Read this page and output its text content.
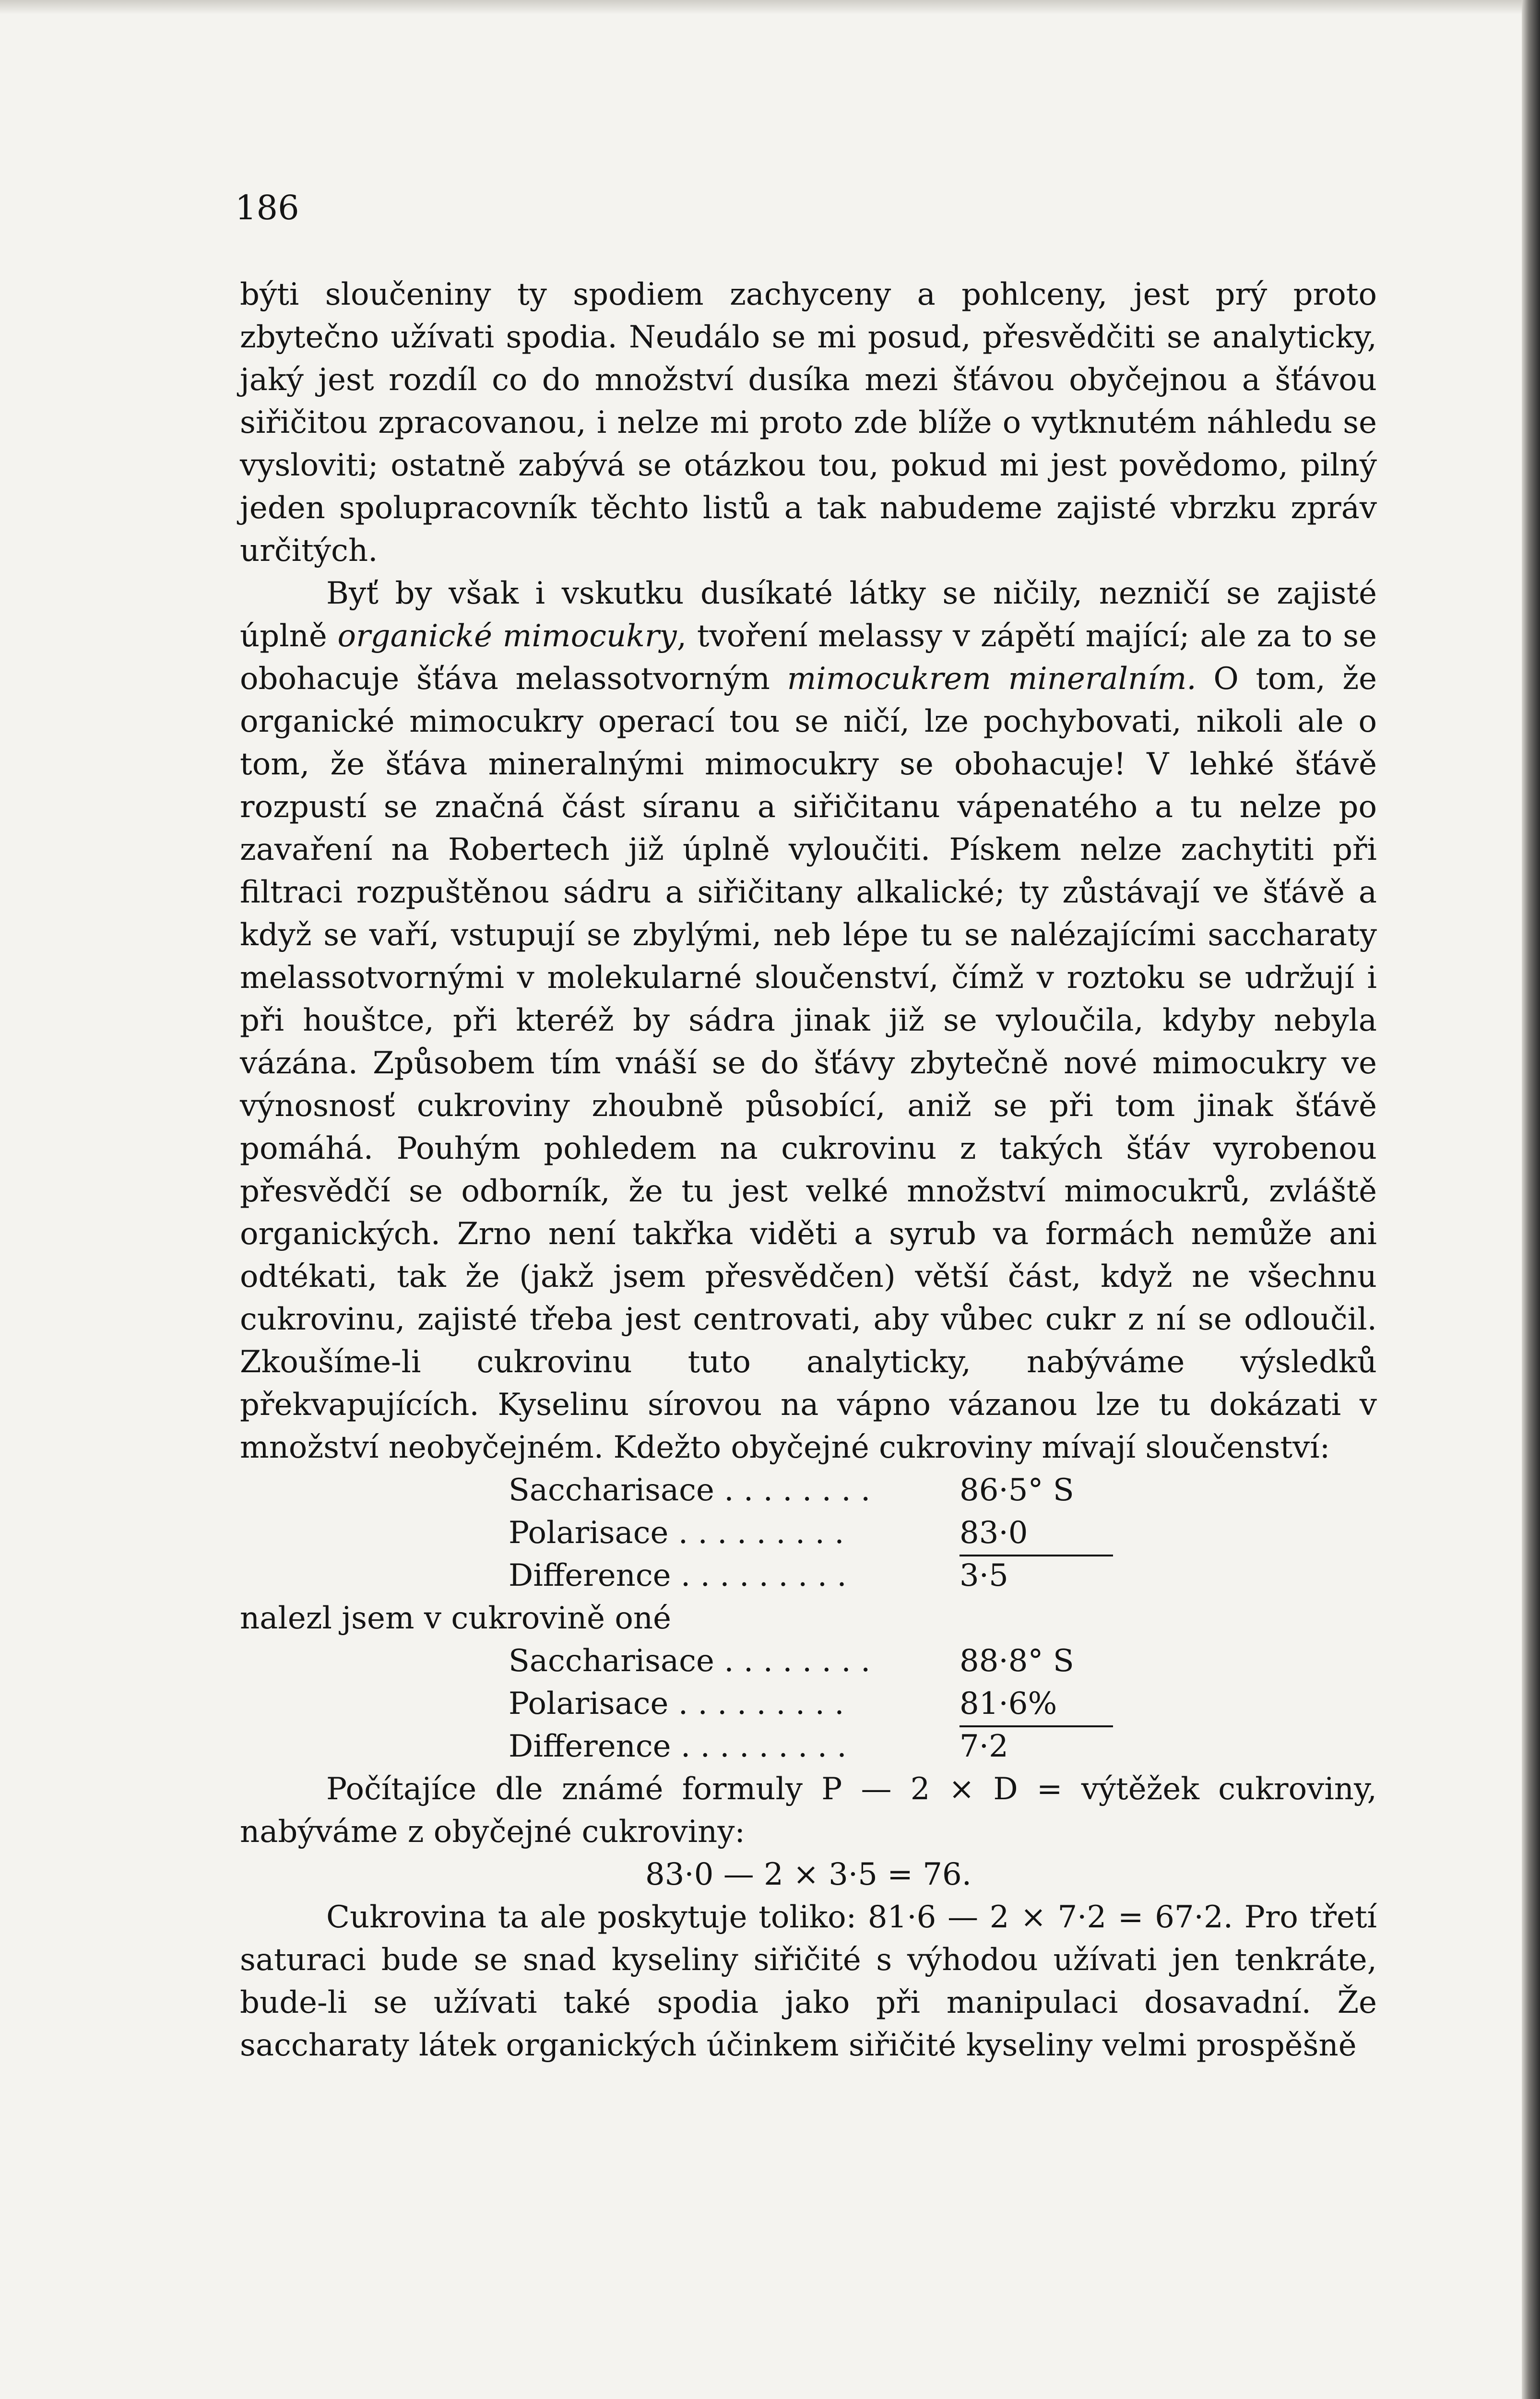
186

býti sloučeniny ty spodiem zachyceny a pohlceny, jest prý proto zbytečno užívati spodia. Neudálo se mi posud, přesvědčiti se analyticky, jaký jest rozdíl co do množství dusíka mezi šťávou obyčejnou a šťávou siřičitou zpracovanou, i nelze mi proto zde blíže o vytknutém náhledu se vysloviti; ostatně zabývá se otázkou tou, pokud mi jest povědomo, pilný jeden spolupracovník těchto listů a tak nabudeme zajisté vbrzku zpráv určitých.

Byť by však i vskutku dusíkaté látky se ničily, nezničí se zajisté úplně organické mimocukry, tvoření melassy v zápětí mající; ale za to se obohacuje šťáva melassotvorným mimocukrem mineralním. O tom, že organické mimocukry operací tou se ničí, lze pochybovati, nikoli ale o tom, že šťáva mineralnými mimocukry se obohacuje! V lehké šťávě rozpustí se značná část síranu a siřičitanu vápenatého a tu nelze po zavaření na Robertech již úplně vyloučiti. Pískem nelze zachytiti při filtraci rozpuštěnou sádru a siřičitany alkalické; ty zůstávají ve šťávě a když se vaří, vstupují se zbylými, neb lépe tu se nalézajícími saccharaty melassotvornými v molekularné sloučenství, čímž v roztoku se udržují i při houštce, při kteréž by sádra jinak již se vyloučila, kdyby nebyla vázána. Způsobem tím vnáší se do šťávy zbytečně nové mimocukry ve výnosnosť cukroviny zhoubně působící, aniž se při tom jinak šťávě pomáhá. Pouhým pohledem na cukrovinu z takých šťáv vyrobenou přesvědčí se odborník, že tu jest velké množství mimocukrů, zvláště organických. Zrno není takřka viděti a syrub va formách nemůže ani odtékati, tak že (jakž jsem přesvědčen) větší část, když ne všechnu cukrovinu, zajisté třeba jest centrovati, aby vůbec cukr z ní se odloučil. Zkoušíme-li cukrovinu tuto analyticky, nabýváme výsledků překvapujících. Kyselinu sírovou na vápno vázanou lze tu dokázati v množství neobyčejném. Kdežto obyčejné cukroviny mívají sloučenství:

Saccharisace . . . . . . . .	86·5° S
Polarisace . . . . . . . . .	83·0
Difference . . . . . . . . .	3·5

nalezl jsem v cukrovině oné

Saccharisace . . . . . . . .	88·8° S
Polarisace . . . . . . . . .	81·6%
Difference . . . . . . . . .	7·2

Počítajíce dle známé formuly P — 2 ⨯ D = výtěžek cukroviny, nabýváme z obyčejné cukroviny:

83·0 — 2 ⨯ 3·5 = 76.

Cukrovina ta ale poskytuje toliko: 81·6 — 2 ⨯ 7·2 = 67·2. Pro třetí saturaci bude se snad kyseliny siřičité s výhodou užívati jen tenkráte, bude-li se užívati také spodia jako při manipulaci dosavadní. Že saccharaty látek organických účinkem siřičité kyseliny velmi prospěšně
